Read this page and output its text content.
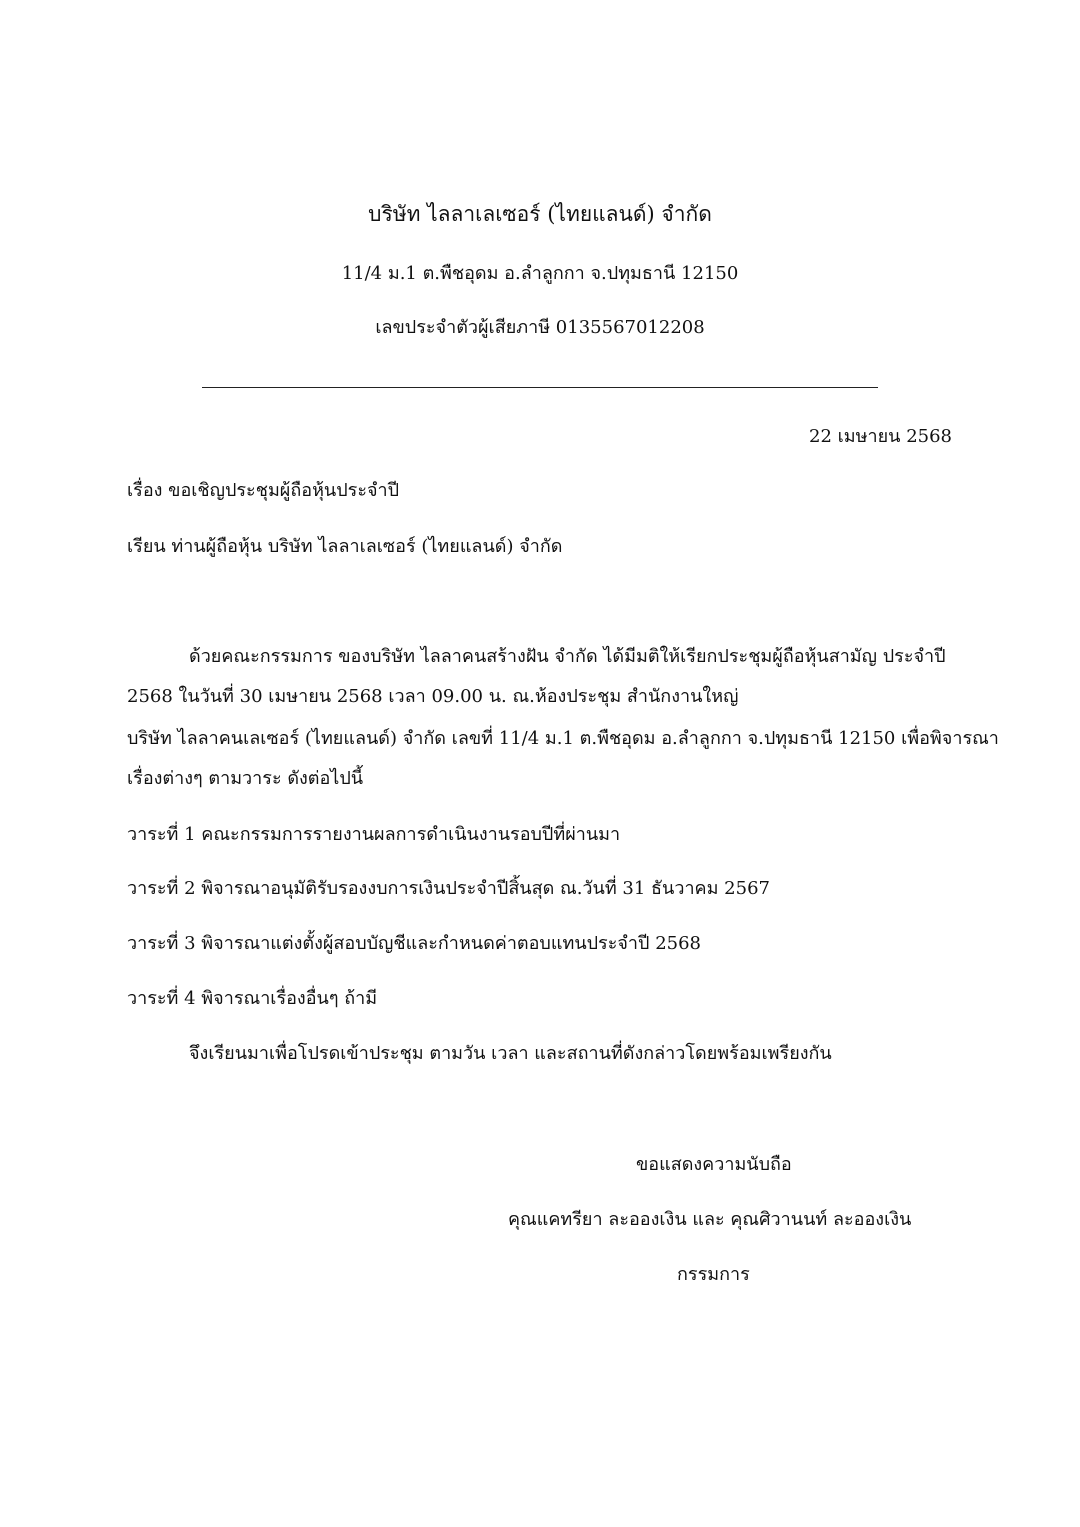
บริษัท ไลลาเลเซอร์ (ไทยแลนด์) จำกัด
11/4 ม.1 ต.พืชอุดม อ.ลำลูกกา จ.ปทุมธานี 12150
เลขประจำตัวผู้เสียภาษี 0135567012208
22 เมษายน 2568
เรื่อง ขอเชิญประชุมผู้ถือหุ้นประจำปี
เรียน ท่านผู้ถือหุ้น บริษัท ไลลาเลเซอร์ (ไทยแลนด์) จำกัด
ด้วยคณะกรรมการ ของบริษัท ไลลาคนสร้างฝัน จำกัด ได้มีมติให้เรียกประชุมผู้ถือหุ้นสามัญ ประจำปี
2568 ในวันที่ 30 เมษายน 2568 เวลา 09.00 น. ณ.ห้องประชุม สำนักงานใหญ่
บริษัท ไลลาคนเลเซอร์ (ไทยแลนด์) จำกัด เลขที่ 11/4 ม.1 ต.พืชอุดม อ.ลำลูกกา จ.ปทุมธานี 12150 เพื่อพิจารณา
เรื่องต่างๆ ตามวาระ ดังต่อไปนี้
วาระที่ 1 คณะกรรมการรายงานผลการดำเนินงานรอบปีที่ผ่านมา
วาระที่ 2 พิจารณาอนุมัติรับรองงบการเงินประจำปีสิ้นสุด ณ.วันที่ 31 ธันวาคม 2567
วาระที่ 3 พิจารณาแต่งตั้งผู้สอบบัญชีและกำหนดค่าตอบแทนประจำปี 2568
วาระที่ 4 พิจารณาเรื่องอื่นๆ ถ้ามี
จึงเรียนมาเพื่อโปรดเข้าประชุม ตามวัน เวลา และสถานที่ดังกล่าวโดยพร้อมเพรียงกัน
ขอแสดงความนับถือ
คุณแคทรียา ละอองเงิน และ คุณศิวานนท์ ละอองเงิน
กรรมการ
